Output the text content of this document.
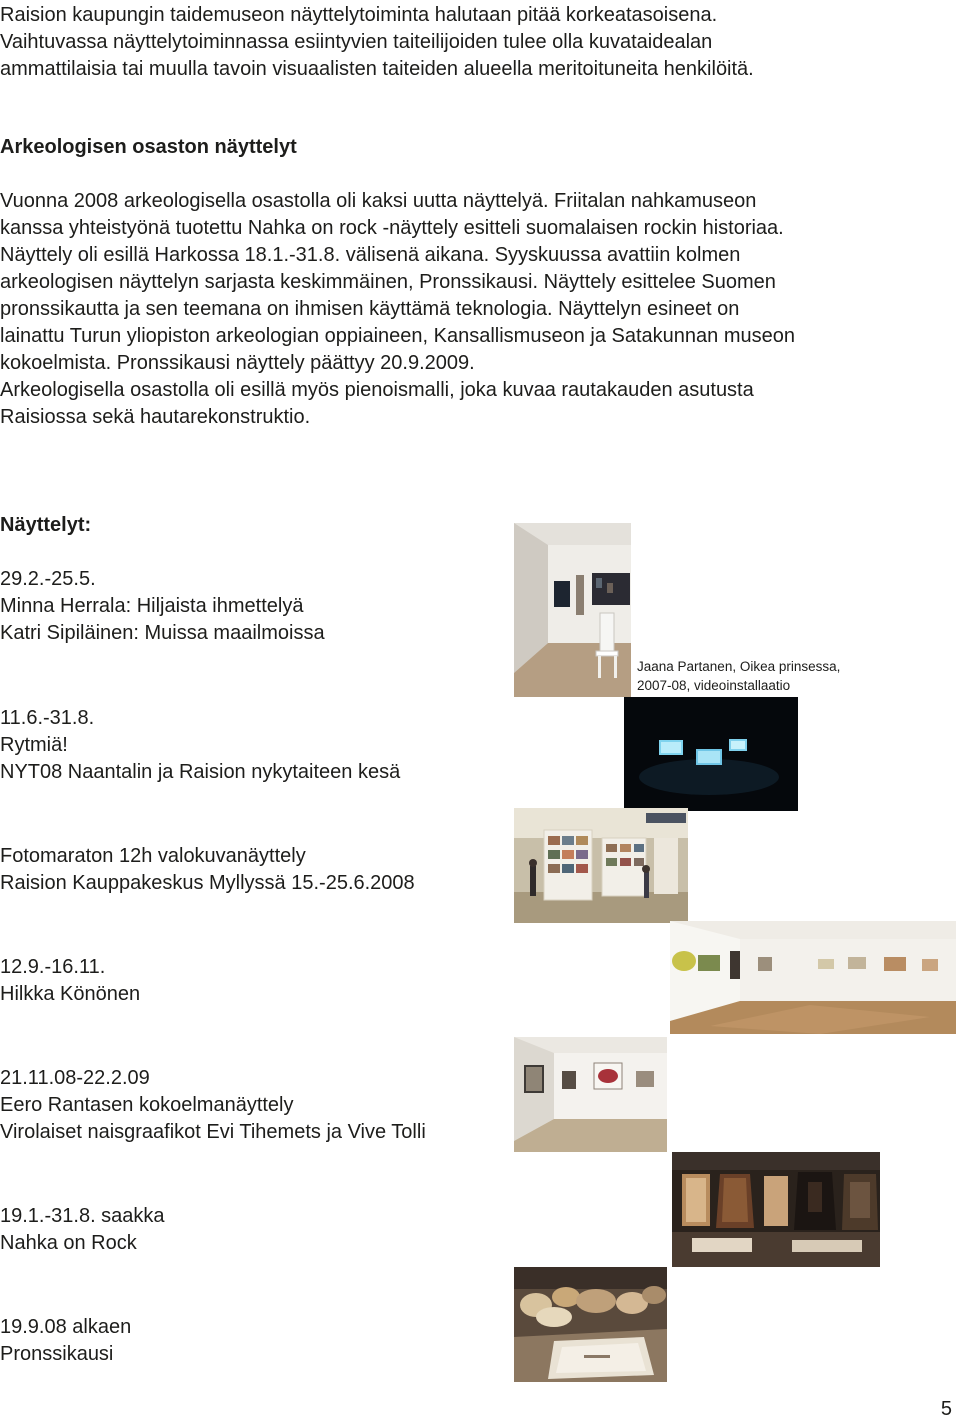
Raision kaupungin taidemuseon näyttelytoiminta halutaan pitää korkeatasoisena.
Vaihtuvassa näyttelytoiminnassa esiintyvien taiteilijoiden tulee olla kuvataidealan
ammattilaisia tai muulla tavoin visuaalisten taiteiden alueella meritoituneita henkilöitä.
Arkeologisen osaston näyttelyt
Vuonna 2008 arkeologisella osastolla oli kaksi uutta näyttelyä. Friitalan nahkamuseon
kanssa yhteistyönä tuotettu Nahka on rock -näyttely esitteli suomalaisen rockin historiaa.
Näyttely oli esillä Harkossa 18.1.-31.8. välisenä aikana. Syyskuussa avattiin kolmen
arkeologisen näyttelyn sarjasta keskimmäinen, Pronssikausi. Näyttely esittelee Suomen
pronssikautta ja sen teemana on ihmisen käyttämä teknologia. Näyttelyn esineet on
lainattu Turun yliopiston arkeologian oppiaineen, Kansallismuseon ja Satakunnan museon
kokoelmista. Pronssikausi näyttely päättyy 20.9.2009.
Arkeologisella osastolla oli esillä myös pienoismalli, joka kuvaa rautakauden asutusta
Raisiossa sekä hautarekonstruktio.
Näyttelyt:
29.2.-25.5.
Minna Herrala: Hiljaista ihmettelyä
Katri Sipiläinen: Muissa maailmoissa
11.6.-31.8.
Rytmiä!
NYT08 Naantalin ja Raision nykytaiteen kesä
Fotomaraton 12h valokuvanäyttely
Raision Kauppakeskus Myllyssä 15.-25.6.2008
12.9.-16.11.
Hilkka Könönen
21.11.08-22.2.09
Eero Rantasen kokoelmanäyttely
Virolaiset naisgraafikot Evi Tihemets ja Vive Tolli
19.1.-31.8. saakka
Nahka on Rock
19.9.08 alkaen
Pronssikausi
Jaana Partanen, Oikea prinsessa,
2007-08, videoinstallaatio
5
